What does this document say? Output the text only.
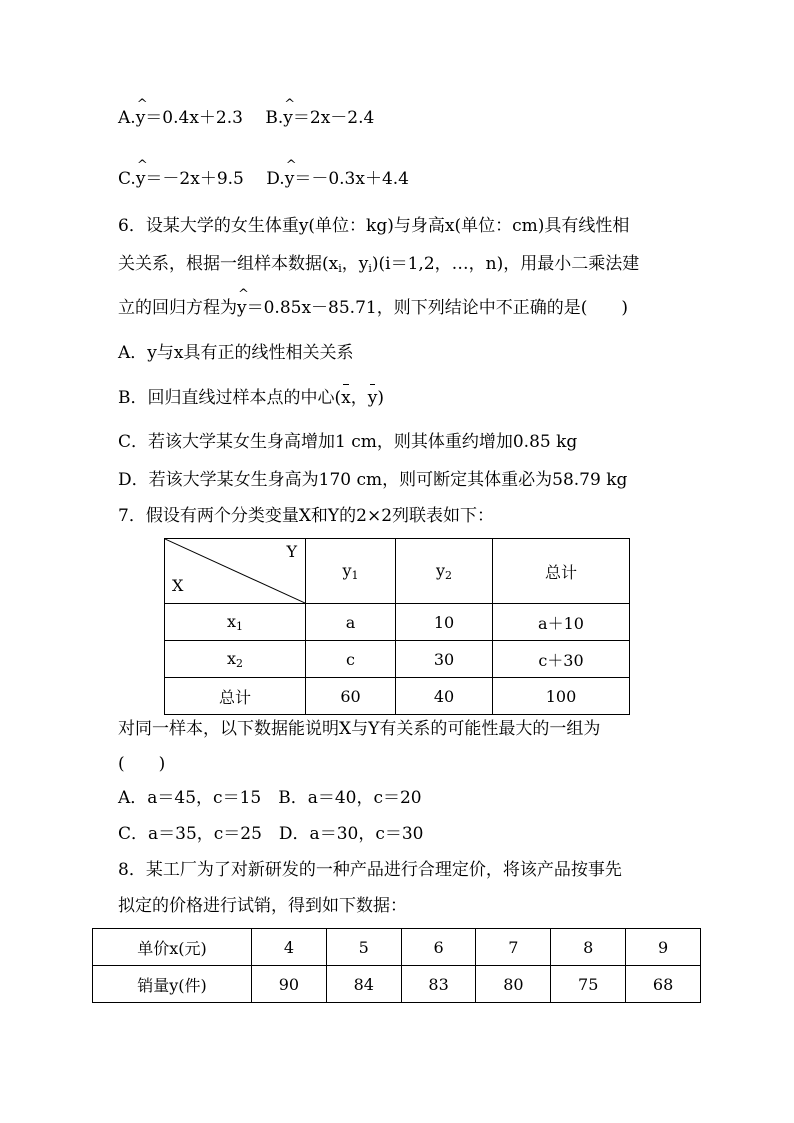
A.^ y＝0.4x＋2.3　 B.^ y＝2x－2.4
C.^ y＝－2x＋9.5　 D.^ y＝－0.3x＋4.4
6．设某大学的女生体重y(单位：kg)与身高x(单位：cm)具有线性相
关关系，根据一组样本数据($x_i$，$y_i)(i=1,2$，…，n)，用最小二乘法建
立的回归方程为^ y＝0.85x－85.71，则下列结论中不正确的是(　　)
A．y与x具有正的线性相关关系
B．回归直线过样本点的中心(x，y)
C．若该大学某女生身高增加1 cm，则其体重约增加0.85 kg
D．若该大学某女生身高为170 cm，则可断定其体重必为58.79 kg
7．假设有两个分类变量X和Y的2×2列联表如下：
Y
X	$y_1$	$y_2$	总计
$x_1$	a	10	a＋10
$x_2$	c	30	c＋30
总计	60	40	100
对同一样本，以下数据能说明X与Y有关系的可能性最大的一组为
(　　)
A．a＝45，c＝15　B．a＝40，c＝20
C．a＝35，c＝25　D．a＝30，c＝30
8．某工厂为了对新研发的一种产品进行合理定价，将该产品按事先
拟定的价格进行试销，得到如下数据：
单价x(元)	4	5	6	7	8	9
销量y(件)	90	84	83	80	75	68
